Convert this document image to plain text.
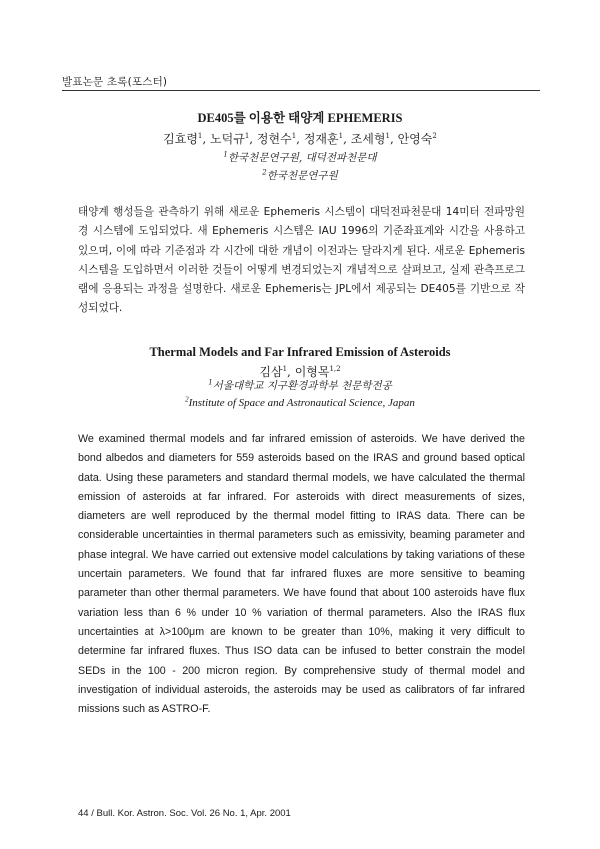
발표논문 초록(포스터)
DE405를 이용한 태양계 EPHEMERIS
김효령$^1$, 노덕규$^1$, 정현수$^1$, 정재훈$^1$, 조세형$^1$, 안영숙$^2$
$^1$한국천문연구원, 대덕전파천문대
$^2$한국천문연구원
태양계 행성들을 관측하기 위해 새로운 Ephemeris 시스템이 대덕전파천문대 14미터 전파망원경 시스템에 도입되었다. 새 Ephemeris 시스템은 IAU 1996의 기준좌표계와 시간을 사용하고 있으며, 이에 따라 기준점과 각 시간에 대한 개념이 이전과는 달라지게 된다. 새로운 Ephemeris 시스템을 도입하면서 이러한 것들이 어떻게 변경되었는지 개념적으로 살펴보고, 실제 관측프로그램에 응용되는 과정을 설명한다. 새로운 Ephemeris는 JPL에서 제공되는 DE405를 기반으로 작성되었다.
Thermal Models and Far Infrared Emission of Asteroids
김삼$^1$, 이형목$^{1,2}$
$^1$서울대학교 지구환경과학부 천문학전공
$^2$Institute of Space and Astronautical Science, Japan
We examined thermal models and far infrared emission of asteroids. We have derived the bond albedos and diameters for 559 asteroids based on the IRAS and ground based optical data. Using these parameters and standard thermal models, we have calculated the thermal emission of asteroids at far infrared. For asteroids with direct measurements of sizes, diameters are well reproduced by the thermal model fitting to IRAS data. There can be considerable uncertainties in thermal parameters such as emissivity, beaming parameter and phase integral. We have carried out extensive model calculations by taking variations of these uncertain parameters. We found that far infrared fluxes are more sensitive to beaming parameter than other thermal parameters. We have found that about 100 asteroids have flux variation less than 6 % under 10 % variation of thermal parameters. Also the IRAS flux uncertainties at λ>100μm are known to be greater than 10%, making it very difficult to determine far infrared fluxes. Thus ISO data can be infused to better constrain the model SEDs in the 100 - 200 micron region. By comprehensive study of thermal model and investigation of individual asteroids, the asteroids may be used as calibrators of far infrared missions such as ASTRO-F.
44 / Bull. Kor. Astron. Soc. Vol. 26 No. 1, Apr. 2001
